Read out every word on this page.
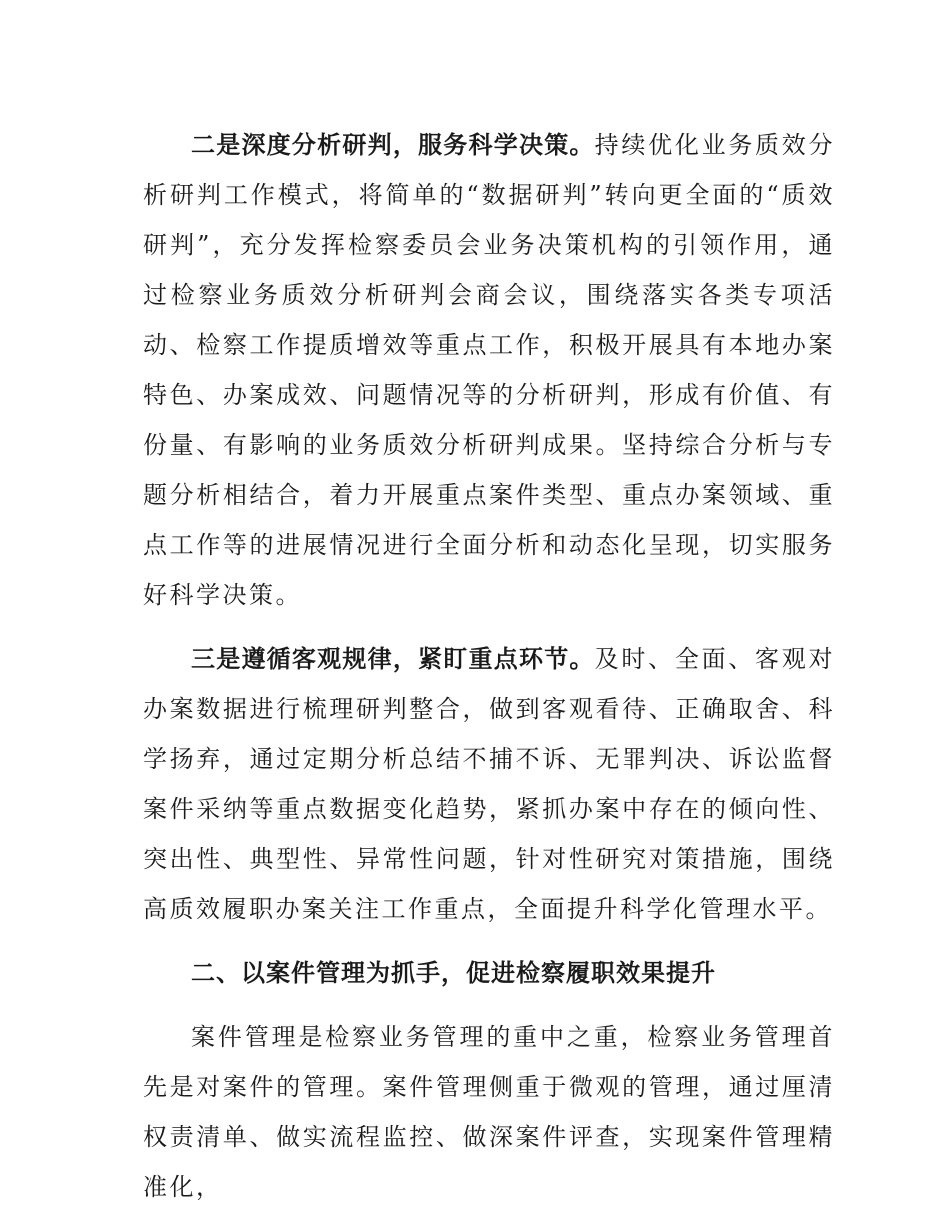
二是深度分析研判，服务科学决策。持续优化业务质效分析研判工作模式，将简单的“数据研判”转向更全面的“质效研判”，充分发挥检察委员会业务决策机构的引领作用，通过检察业务质效分析研判会商会议，围绕落实各类专项活动、检察工作提质增效等重点工作，积极开展具有本地办案特色、办案成效、问题情况等的分析研判，形成有价值、有份量、有影响的业务质效分析研判成果。坚持综合分析与专题分析相结合，着力开展重点案件类型、重点办案领域、重点工作等的进展情况进行全面分析和动态化呈现，切实服务好科学决策。

三是遵循客观规律，紧盯重点环节。及时、全面、客观对办案数据进行梳理研判整合，做到客观看待、正确取舍、科学扬弃，通过定期分析总结不捕不诉、无罪判决、诉讼监督案件采纳等重点数据变化趋势，紧抓办案中存在的倾向性、突出性、典型性、异常性问题，针对性研究对策措施，围绕高质效履职办案关注工作重点，全面提升科学化管理水平。

二、以案件管理为抓手，促进检察履职效果提升

案件管理是检察业务管理的重中之重，检察业务管理首先是对案件的管理。案件管理侧重于微观的管理，通过厘清权责清单、做实流程监控、做深案件评查，实现案件管理精准化，
